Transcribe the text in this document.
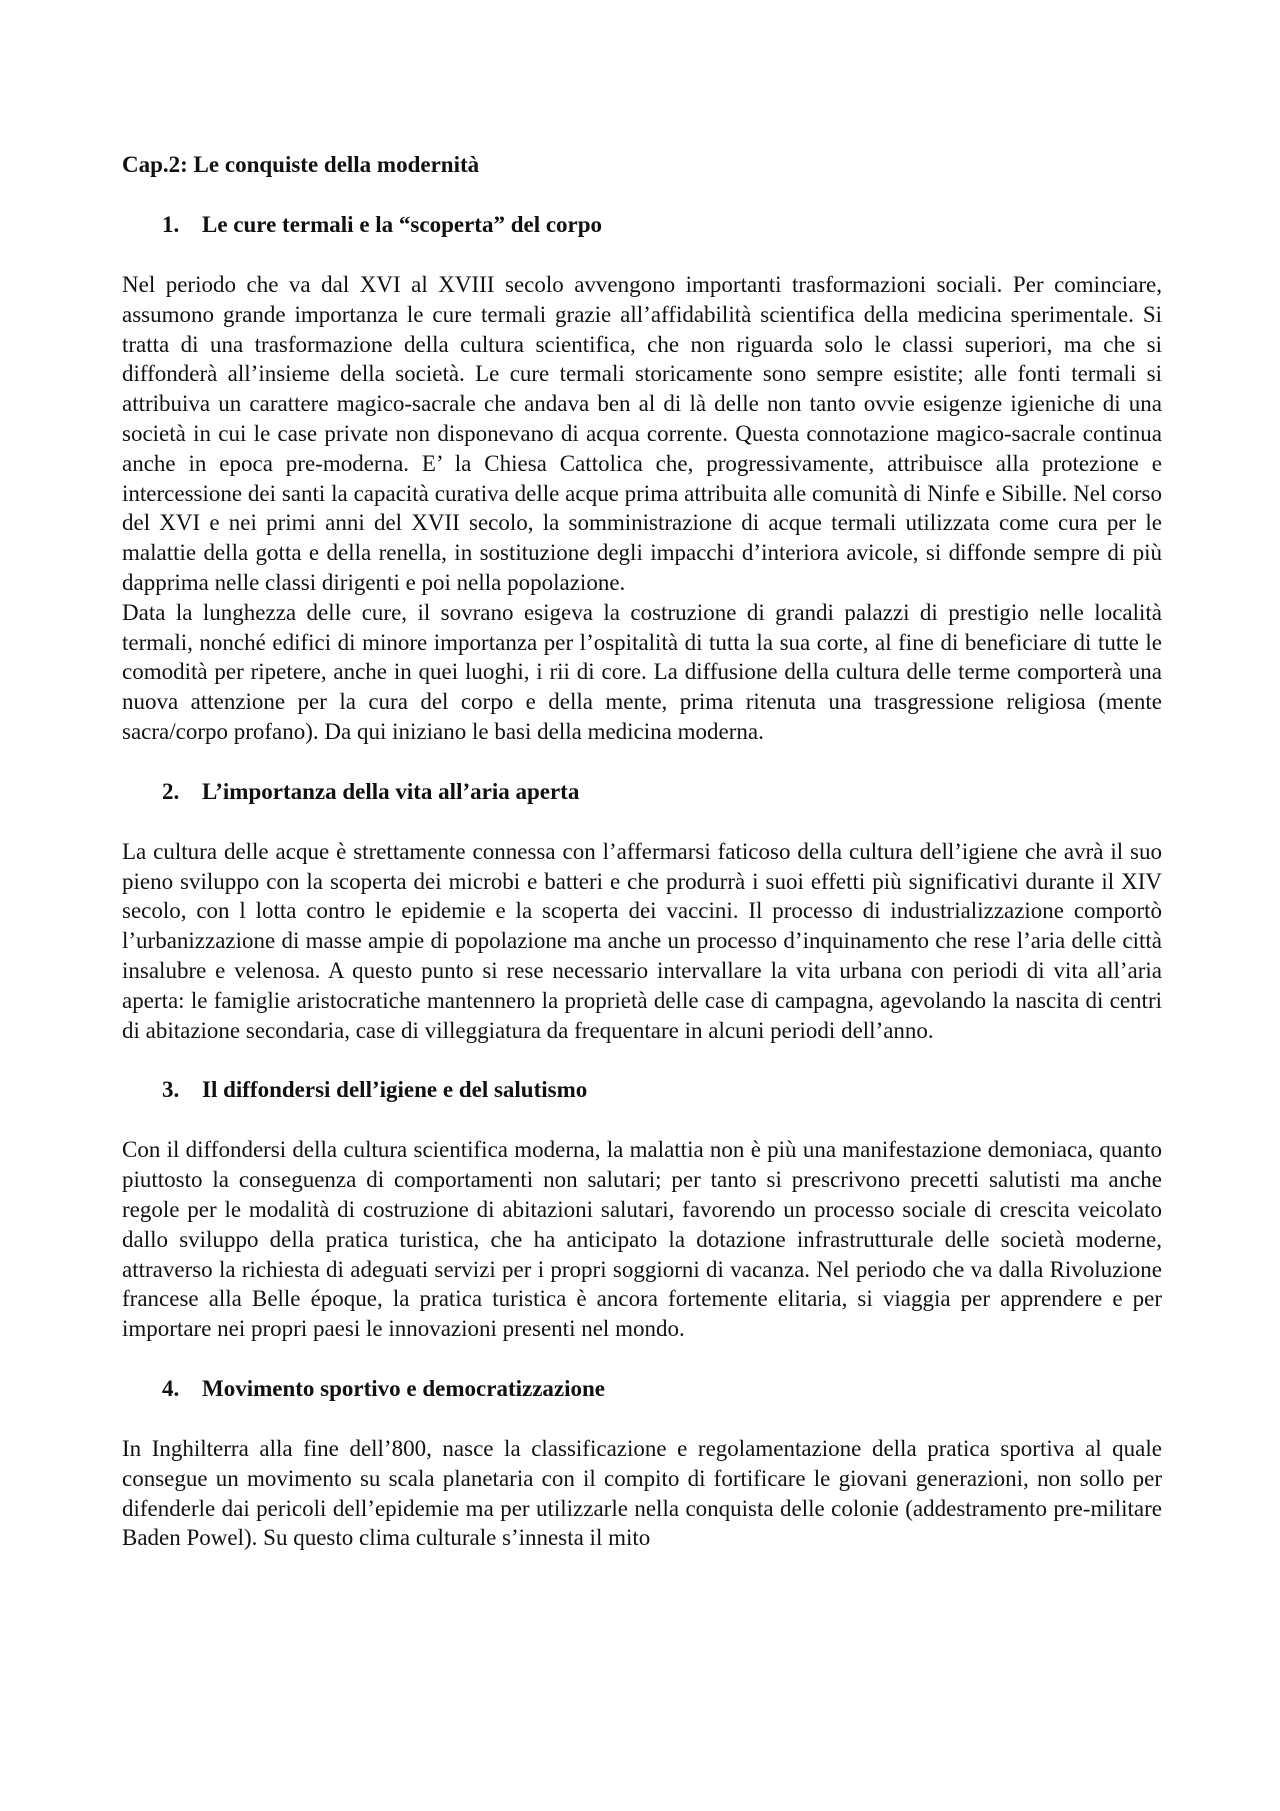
Cap.2: Le conquiste della modernità
1. Le cure termali e la “scoperta” del corpo

Nel periodo che va dal XVI al XVIII secolo avvengono importanti trasformazioni sociali. Per cominciare, assumono grande importanza le cure termali grazie all’affidabilità scientifica della medicina sperimentale. Si tratta di una trasformazione della cultura scientifica, che non riguarda solo le classi superiori, ma che si diffonderà all’insieme della società. Le cure termali storicamente sono sempre esistite; alle fonti termali si attribuiva un carattere magico-sacrale che andava ben al di là delle non tanto ovvie esigenze igieniche di una società in cui le case private non disponevano di acqua corrente. Questa connotazione magico-sacrale continua anche in epoca pre-moderna. E’ la Chiesa Cattolica che, progressivamente, attribuisce alla protezione e intercessione dei santi la capacità curativa delle acque prima attribuita alle comunità di Ninfe e Sibille. Nel corso del XVI e nei primi anni del XVII secolo, la somministrazione di acque termali utilizzata come cura per le malattie della gotta e della renella, in sostituzione degli impacchi d’interiora avicole, si diffonde sempre di più dapprima nelle classi dirigenti e poi nella popolazione.

Data la lunghezza delle cure, il sovrano esigeva la costruzione di grandi palazzi di prestigio nelle località termali, nonché edifici di minore importanza per l’ospitalità di tutta la sua corte, al fine di beneficiare di tutte le comodità per ripetere, anche in quei luoghi, i rii di core. La diffusione della cultura delle terme comporterà una nuova attenzione per la cura del corpo e della mente, prima ritenuta una trasgressione religiosa (mente sacra/corpo profano). Da qui iniziano le basi della medicina moderna.

2. L’importanza della vita all’aria aperta

La cultura delle acque è strettamente connessa con l’affermarsi faticoso della cultura dell’igiene che avrà il suo pieno sviluppo con la scoperta dei microbi e batteri e che produrrà i suoi effetti più significativi durante il XIV secolo, con l lotta contro le epidemie e la scoperta dei vaccini. Il processo di industrializzazione comportò l’urbanizzazione di masse ampie di popolazione ma anche un processo d’inquinamento che rese l’aria delle città insalubre e velenosa. A questo punto si rese necessario intervallare la vita urbana con periodi di vita all’aria aperta: le famiglie aristocratiche mantennero la proprietà delle case di campagna, agevolando la nascita di centri di abitazione secondaria, case di villeggiatura da frequentare in alcuni periodi dell’anno.

3. Il diffondersi dell’igiene e del salutismo

Con il diffondersi della cultura scientifica moderna, la malattia non è più una manifestazione demoniaca, quanto piuttosto la conseguenza di comportamenti non salutari; per tanto si prescrivono precetti salutisti ma anche regole per le modalità di costruzione di abitazioni salutari, favorendo un processo sociale di crescita veicolato dallo sviluppo della pratica turistica, che ha anticipato la dotazione infrastrutturale delle società moderne, attraverso la richiesta di adeguati servizi per i propri soggiorni di vacanza. Nel periodo che va dalla Rivoluzione francese alla Belle époque, la pratica turistica è ancora fortemente elitaria, si viaggia per apprendere e per importare nei propri paesi le innovazioni presenti nel mondo.

4. Movimento sportivo e democratizzazione

In Inghilterra alla fine dell’800, nasce la classificazione e regolamentazione della pratica sportiva al quale consegue un movimento su scala planetaria con il compito di fortificare le giovani generazioni, non sollo per difenderle dai pericoli dell’epidemie ma per utilizzarle nella conquista delle colonie (addestramento pre-militare Baden Powel). Su questo clima culturale s’innesta il mito
